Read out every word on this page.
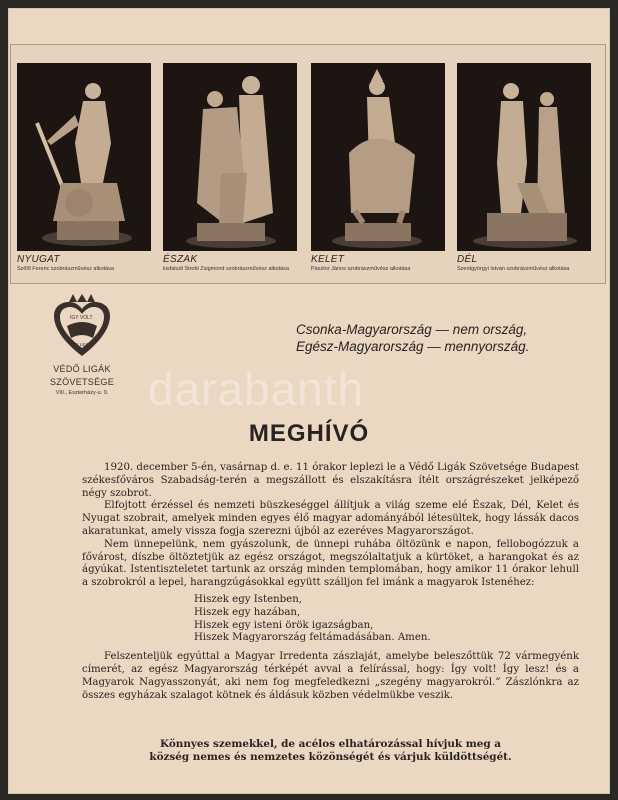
NYUGAT
Szőlő Ferenc szobrászművész alkotása
ÉSZAK
kisfaludi Strobl Zsigmond szobrászművész alkotása
KELET
Pásztor János szobrászművész alkotása
DÉL
Szentgyörgyi István szobrászművész alkotása
ÍGY VOLT
ÍGY LESZ
VÉDŐ LIGÁK
SZÖVETSÉGE
VIII., Eszterházy-u. 9.
Csonka-Magyarország — nem ország,
Egész-Magyarország — mennyország.
darabanth
MEGHÍVÓ

1920. december 5-én, vasárnap d. e. 11 órakor leplezi le a Védő Ligák Szövetsége Budapest székesfőváros Szabadság-terén a megszállott és elszakításra ítélt országrészeket jelképező négy szobrot.

Elfojtott érzéssel és nemzeti büszkeséggel állítjuk a világ szeme elé Észak, Dél, Kelet és Nyugat szobrait, amelyek minden egyes élő magyar adományából létesültek, hogy lássák dacos akaratunkat, amely vissza fogja szerezni újból az ezeréves Magyarországot.

Nem ünnepelünk, nem gyászolunk, de ünnepi ruhába öltözünk e napon, fellobogózzuk a fővárost, díszbe öltöztetjük az egész országot, megszólaltatjuk a kürtöket, a harangokat és az ágyúkat. Istentiszteletet tartunk az ország minden templomában, hogy amikor 11 órakor lehull a szobrokról a lepel, harangzúgásokkal együtt szálljon fel imánk a magyarok Istenéhez:

Hiszek egy Istenben,
Hiszek egy hazában,
Hiszek egy isteni örök igazságban,
Hiszek Magyarország feltámadásában. Amen.

Felszenteljük egyúttal a Magyar Irredenta zászlaját, amelybe beleszőttük 72 vármegyénk címerét, az egész Magyarország térképét avval a felírással, hogy: Így volt! Így lesz! és a Magyarok Nagyasszonyát, aki nem fog megfeledkezni „szegény magyarokról.” Zászlónkra az összes egyházak szalagot kötnek és áldásuk közben védelmükbe veszik.

Könnyes szemekkel, de acélos elhatározással hívjuk meg a
község nemes és nemzetes közönségét és várjuk küldöttségét.
